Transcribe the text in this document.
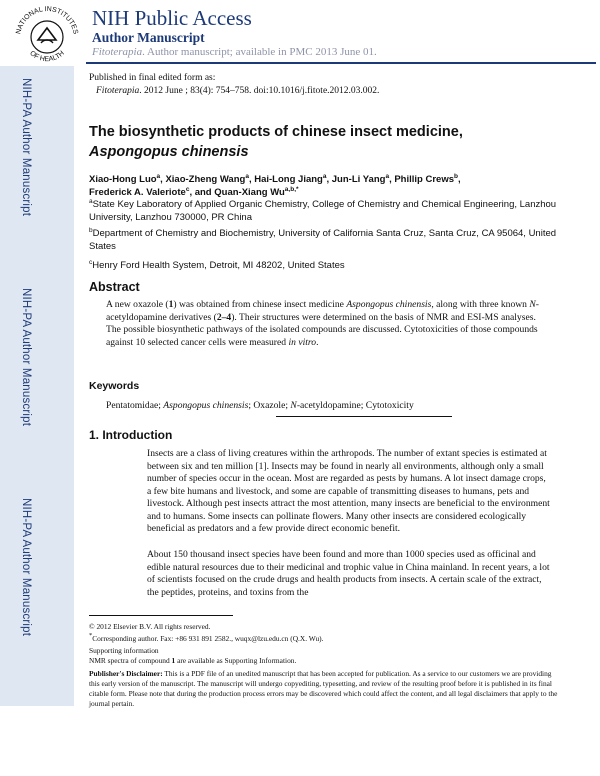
NATIONAL INSTITUTES
OF HEALTH
NIH Public Access
Author Manuscript
Fitoterapia. Author manuscript; available in PMC 2013 June 01.
NIH-PA Author Manuscript
NIH-PA Author Manuscript
NIH-PA Author Manuscript
Published in final edited form as:
Fitoterapia. 2012 June ; 83(4): 754–758. doi:10.1016/j.fitote.2012.03.002.
The biosynthetic products of chinese insect medicine,
Aspongopus chinensis
Xiao-Hong Luo$^a$, Xiao-Zheng Wang$^a$, Hai-Long Jiang$^a$, Jun-Li Yang$^a$, Phillip Crews$^b$,
Frederick A. Valeriote$^c$, and Quan-Xiang $Wu^{a,b,*}$
$^a$State Key Laboratory of Applied Organic Chemistry, College of Chemistry and Chemical Engineering, Lanzhou University, Lanzhou 730000, PR China
$^b$Department of Chemistry and Biochemistry, University of California Santa Cruz, Santa Cruz, CA 95064, United States
$^c$Henry Ford Health System, Detroit, MI 48202, United States
Abstract
A new oxazole (1) was obtained from chinese insect medicine Aspongopus chinensis, along with three known N-acetyldopamine derivatives (2–4). Their structures were determined on the basis of NMR and ESI-MS analyses. The possible biosynthetic pathways of the isolated compounds are discussed. Cytotoxicities of those compounds against 10 selected cancer cells were measured in vitro.
Keywords
Pentatomidae; Aspongopus chinensis; Oxazole; N-acetyldopamine; Cytotoxicity
1. Introduction
Insects are a class of living creatures within the arthropods. The number of extant species is estimated at between six and ten million [1]. Insects may be found in nearly all environments, although only a small number of species occur in the ocean. Most are regarded as pests by humans. A lot insect damage crops, a few bite humans and livestock, and some are capable of transmitting diseases to humans, pets and livestock. Although pest insects attract the most attention, many insects are beneficial to the environment and to humans. Some insects can pollinate flowers. Many other insects are considered ecologically beneficial as predators and a few provide direct economic benefit.
About 150 thousand insect species have been found and more than 1000 species used as officinal and edible natural resources due to their medicinal and trophic value in China mainland. In recent years, a lot of scientists focused on the crude drugs and health products from insects. A certain scale of the extract, the peptides, proteins, and toxins from the
© 2012 Elsevier B.V. All rights reserved.
*Corresponding author. Fax: +86 931 891 2582., wuqx@lzu.edu.cn (Q.X. Wu).
Supporting information
NMR spectra of compound 1 are available as Supporting Information.
Publisher's Disclaimer: This is a PDF file of an unedited manuscript that has been accepted for publication. As a service to our customers we are providing this early version of the manuscript. The manuscript will undergo copyediting, typesetting, and review of the resulting proof before it is published in its final citable form. Please note that during the production process errors may be discovered which could affect the content, and all legal disclaimers that apply to the journal pertain.
